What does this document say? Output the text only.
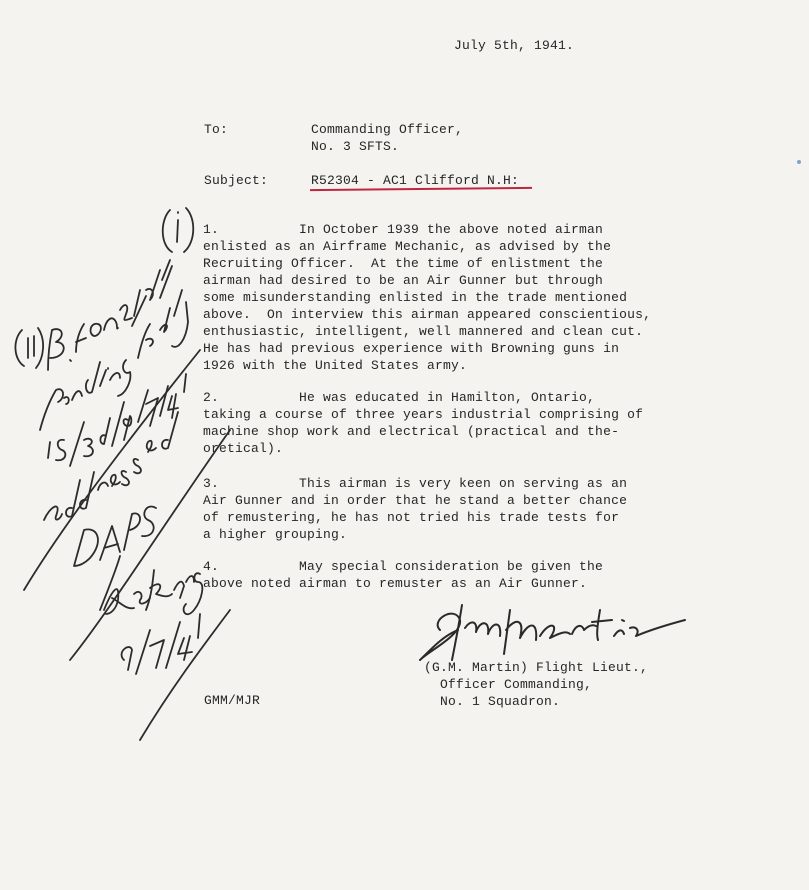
July 5th, 1941.
To:	Commanding Officer,
No. 3 SFTS.
Subject:	R52304 - AC1 Clifford N.H:
1.          In October 1939 the above noted airman
enlisted as an Airframe Mechanic, as advised by the
Recruiting Officer.  At the time of enlistment the
airman had desired to be an Air Gunner but through
some misunderstanding enlisted in the trade mentioned
above.  On interview this airman appeared conscientious,
enthusiastic, intelligent, well mannered and clean cut.
He has had previous experience with Browning guns in
1926 with the United States army.
2.          He was educated in Hamilton, Ontario,
taking a course of three years industrial comprising of
machine shop work and electrical (practical and the-
oretical).
3.          This airman is very keen on serving as an
Air Gunner and in order that he stand a better chance
of remustering, he has not tried his trade tests for
a higher grouping.
4.          May special consideration be given the
above noted airman to remuster as an Air Gunner.
(G.M. Martin) Flight Lieut.,
Officer Commanding,
No. 1 Squadron.
GMM/MJR
